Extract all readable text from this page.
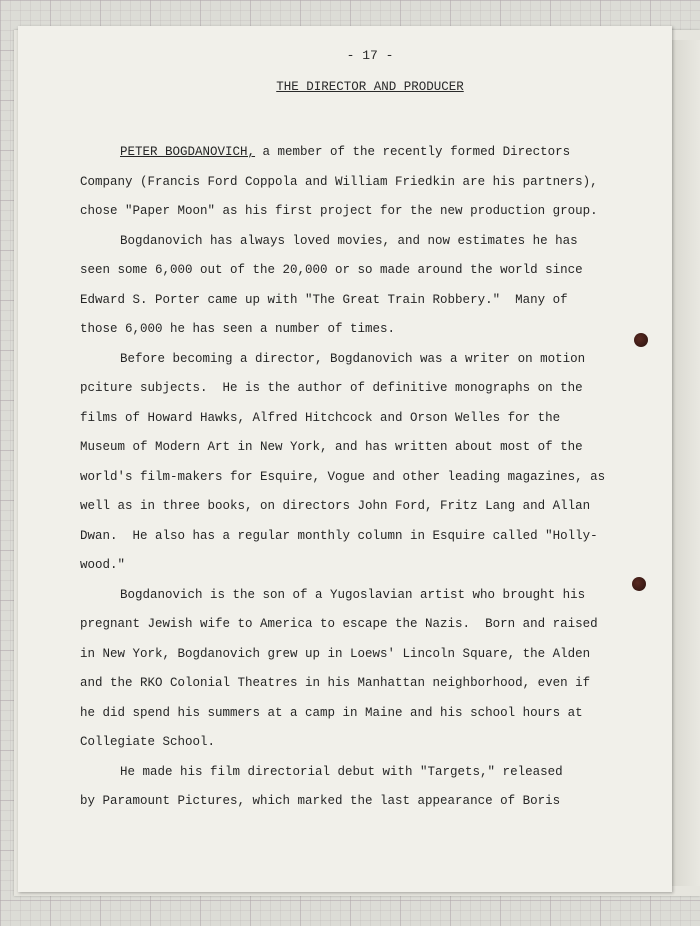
- 17 -
THE DIRECTOR AND PRODUCER
PETER BOGDANOVICH, a member of the recently formed Directors
Company (Francis Ford Coppola and William Friedkin are his partners),
chose "Paper Moon" as his first project for the new production group.
Bogdanovich has always loved movies, and now estimates he has
seen some 6,000 out of the 20,000 or so made around the world since
Edward S. Porter came up with "The Great Train Robbery."  Many of
those 6,000 he has seen a number of times.
Before becoming a director, Bogdanovich was a writer on motion
pciture subjects.  He is the author of definitive monographs on the
films of Howard Hawks, Alfred Hitchcock and Orson Welles for the
Museum of Modern Art in New York, and has written about most of the
world's film-makers for Esquire, Vogue and other leading magazines, as
well as in three books, on directors John Ford, Fritz Lang and Allan
Dwan.  He also has a regular monthly column in Esquire called "Holly-
wood."
Bogdanovich is the son of a Yugoslavian artist who brought his
pregnant Jewish wife to America to escape the Nazis.  Born and raised
in New York, Bogdanovich grew up in Loews' Lincoln Square, the Alden
and the RKO Colonial Theatres in his Manhattan neighborhood, even if
he did spend his summers at a camp in Maine and his school hours at
Collegiate School.
He made his film directorial debut with "Targets," released
by Paramount Pictures, which marked the last appearance of Boris
